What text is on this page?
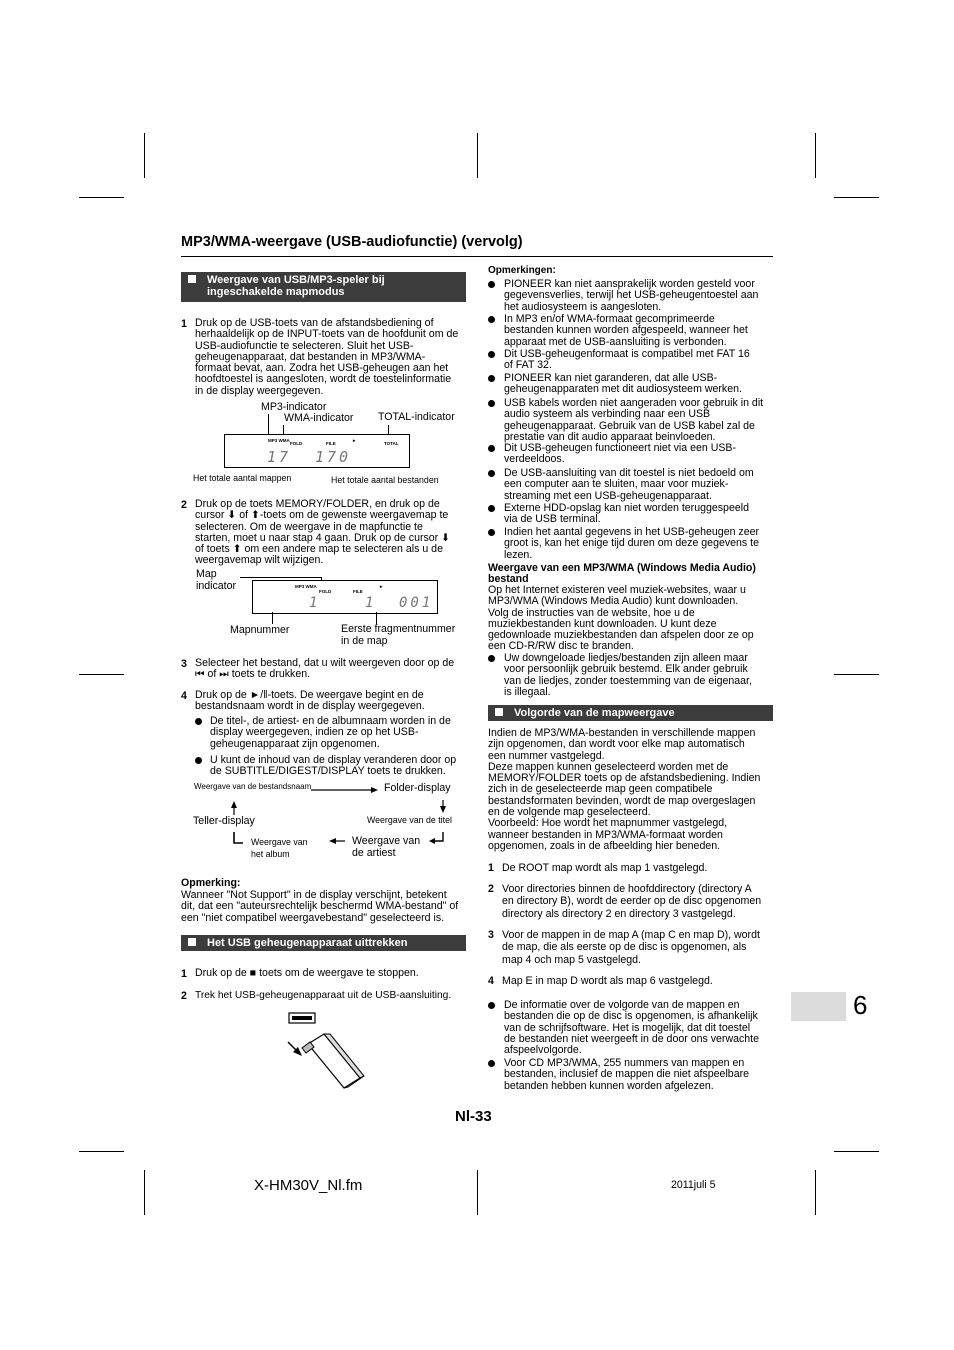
MP3/WMA-weergave (USB-audiofunctie) (vervolg)
Weergave van USB/MP3-speler bij ingeschakelde mapmodus
1 Druk op de USB-toets van de afstandsbediening of
herhaaldelijk op de INPUT-toets van de hoofdunit om de
USB-audiofunctie te selecteren. Sluit het USB-
geheugenapparaat, dat bestanden in MP3/WMA-
formaat bevat, aan. Zodra het USB-geheugen aan het
hoofdtoestel is aangesloten, wordt de toestelinformatie
in de display weergegeven.
MP3-indicator
WMA-indicator TOTAL-indicator
MP3 WMA
FOLD	FILE
►
TOTAL
17 170
Het totale aantal mappen	Het totale aantal bestanden
2 Druk op de toets MEMORY/FOLDER, en druk op de
cursor ⬇ of ⬆-toets om de gewenste weergavemap te
selecteren. Om de weergave in de mapfunctie te
starten, moet u naar stap 4 gaan. Druk op de cursor ⬇
of toets ⬆ om een andere map te selecteren als u de
weergavemap wilt wijzigen.
Map
indicator	MP3 WMA
FOLD	FILE
►
1	1 001
Mapnummer	Eerste fragmentnummer
in de map
3 Selecteer het bestand, dat u wilt weergeven door op de
⏮ of ⏭ toets te drukken.
4 Druk op de ►/‖-toets. De weergave begint en de
bestandsnaam wordt in de display weergegeven.
De titel-, de artiest- en de albumnaam worden in de
display weergegeven, indien ze op het USB-
geheugenapparaat zijn opgenomen.
U kunt de inhoud van de display veranderen door op
de SUBTITLE/DIGEST/DISPLAY toets te drukken.
Weergave van de bestandsnaam	Folder-display
Teller-display	Weergave van de titel
Weergave van
het album
Weergave van
de artiest
Opmerking:
Wanneer "Not Support" in de display verschijnt, betekent
dit, dat een "auteursrechtelijk beschermd WMA-bestand" of
een "niet compatibel weergavebestand" geselecteerd is.
Het USB geheugenapparaat uittrekken
1 Druk op de ■ toets om de weergave te stoppen.
2 Trek het USB-geheugenapparaat uit de USB-aansluiting.
Opmerkingen:
PIONEER kan niet aansprakelijk worden gesteld voor
gegevensverlies, terwijl het USB-geheugentoestel aan
het audiosysteem is aangesloten.
In MP3 en/of WMA-formaat gecomprimeerde
bestanden kunnen worden afgespeeld, wanneer het
apparaat met de USB-aansluiting is verbonden.
Dit USB-geheugenformaat is compatibel met FAT 16
of FAT 32.
PIONEER kan niet garanderen, dat alle USB-
geheugenapparaten met dit audiosysteem werken.
USB kabels worden niet aangeraden voor gebruik in dit
audio systeem als verbinding naar een USB
geheugenapparaat. Gebruik van de USB kabel zal de
prestatie van dit audio apparaat beinvloeden.
Dit USB-geheugen functioneert niet via een USB-
verdeeldoos.
De USB-aansluiting van dit toestel is niet bedoeld om
een computer aan te sluiten, maar voor muziek-
streaming met een USB-geheugenapparaat.
Externe HDD-opslag kan niet worden teruggespeeld
via de USB terminal.
Indien het aantal gegevens in het USB-geheugen zeer
groot is, kan het enige tijd duren om deze gegevens te
lezen.
Weergave van een MP3/WMA (Windows Media Audio)
bestand
Op het Internet existeren veel muziek-websites, waar u
MP3/WMA (Windows Media Audio) kunt downloaden.
Volg de instructies van de website, hoe u de
muziekbestanden kunt downloaden. U kunt deze
gedownloade muziekbestanden dan afspelen door ze op
een CD-R/RW disc te branden.
Uw downgeloade liedjes/bestanden zijn alleen maar
voor persoonlijk gebruik bestemd. Elk ander gebruik
van de liedjes, zonder toestemming van de eigenaar,
is illegaal.
Volgorde van de mapweergave
Indien de MP3/WMA-bestanden in verschillende mappen
zijn opgenomen, dan wordt voor elke map automatisch
een nummer vastgelegd.
Deze mappen kunnen geselecteerd worden met de
MEMORY/FOLDER toets op de afstandsbediening. Indien
zich in de geselecteerde map geen compatibele
bestandsformaten bevinden, wordt de map overgeslagen
en de volgende map geselecteerd.
Voorbeeld: Hoe wordt het mapnummer vastgelegd,
wanneer bestanden in MP3/WMA-formaat worden
opgenomen, zoals in de afbeelding hier beneden.
1 De ROOT map wordt als map 1 vastgelegd.
2 Voor directories binnen de hoofddirectory (directory A
en directory B), wordt de eerder op de disc opgenomen
directory als directory 2 en directory 3 vastgelegd.
3 Voor de mappen in de map A (map C en map D), wordt
de map, die als eerste op de disc is opgenomen, als
map 4 och map 5 vastgelegd.
4 Map E in map D wordt als map 6 vastgelegd.
De informatie over de volgorde van de mappen en
bestanden die op de disc is opgenomen, is afhankelijk
van de schrijfsoftware. Het is mogelijk, dat dit toestel
de bestanden niet weergeeft in de door ons verwachte
afspeelvolgorde.
Voor CD MP3/WMA, 255 nummers van mappen en
bestanden, inclusief de mappen die niet afspeelbare
betanden hebben kunnen worden afgelezen.
6
Nl-33
X-HM30V_Nl.fm	2011juli 5
